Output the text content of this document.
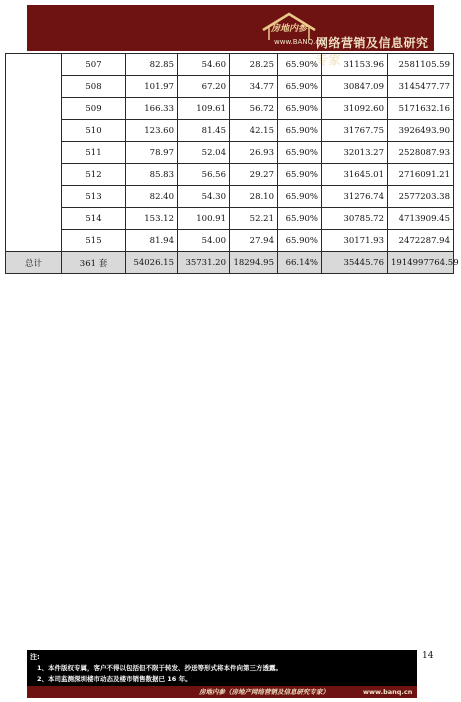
房地内参
www.BANQ.cn
网络营销及信息研究专家
	507	82.85	54.60	28.25	65.90%	31153.96	2581105.59
	508	101.97	67.20	34.77	65.90%	30847.09	3145477.77
	509	166.33	109.61	56.72	65.90%	31092.60	5171632.16
	510	123.60	81.45	42.15	65.90%	31767.75	3926493.90
	511	78.97	52.04	26.93	65.90%	32013.27	2528087.93
	512	85.83	56.56	29.27	65.90%	31645.01	2716091.21
	513	82.40	54.30	28.10	65.90%	31276.74	2577203.38
	514	153.12	100.91	52.21	65.90%	30785.72	4713909.45
	515	81.94	54.00	27.94	65.90%	30171.93	2472287.94
总计	361 套	54026.15	35731.20	18294.95	66.14%	35445.76	1914997764.59
14
注:
1、本件版权专属，客户不得以包括但不限于转发、抄送等形式将本件向第三方透露。
2、本司监测深圳楼市动态及楼市销售数据已 16 年。
房地内参（房地产网络营销及信息研究专家）	www.banq.cn
